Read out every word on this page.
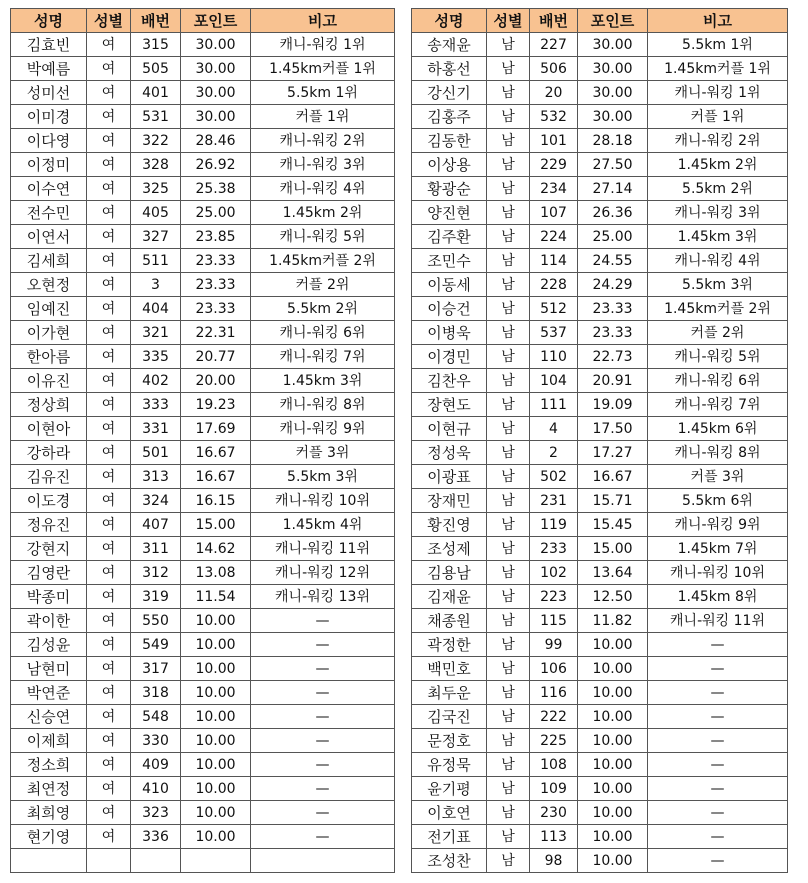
성명	성별	배번	포인트	비고
김효빈	여	315	30.00	캐니-워킹 1위
박예름	여	505	30.00	1.45km커플 1위
성미선	여	401	30.00	5.5km 1위
이미경	여	531	30.00	커플 1위
이다영	여	322	28.46	캐니-워킹 2위
이정미	여	328	26.92	캐니-워킹 3위
이수연	여	325	25.38	캐니-워킹 4위
전수민	여	405	25.00	1.45km 2위
이연서	여	327	23.85	캐니-워킹 5위
김세희	여	511	23.33	1.45km커플 2위
오현정	여	3	23.33	커플 2위
임예진	여	404	23.33	5.5km 2위
이가현	여	321	22.31	캐니-워킹 6위
한아름	여	335	20.77	캐니-워킹 7위
이유진	여	402	20.00	1.45km 3위
정상희	여	333	19.23	캐니-워킹 8위
이현아	여	331	17.69	캐니-워킹 9위
강하라	여	501	16.67	커플 3위
김유진	여	313	16.67	5.5km 3위
이도경	여	324	16.15	캐니-워킹 10위
정유진	여	407	15.00	1.45km 4위
강현지	여	311	14.62	캐니-워킹 11위
김영란	여	312	13.08	캐니-워킹 12위
박종미	여	319	11.54	캐니-워킹 13위
곽이한	여	550	10.00	—
김성윤	여	549	10.00	—
남현미	여	317	10.00	—
박연준	여	318	10.00	—
신승연	여	548	10.00	—
이제희	여	330	10.00	—
정소희	여	409	10.00	—
최연정	여	410	10.00	—
최희영	여	323	10.00	—
현기영	여	336	10.00	—

성명	성별	배번	포인트	비고
송재윤	남	227	30.00	5.5km 1위
하홍선	남	506	30.00	1.45km커플 1위
강신기	남	20	30.00	캐니-워킹 1위
김홍주	남	532	30.00	커플 1위
김동한	남	101	28.18	캐니-워킹 2위
이상용	남	229	27.50	1.45km 2위
황광순	남	234	27.14	5.5km 2위
양진현	남	107	26.36	캐니-워킹 3위
김주환	남	224	25.00	1.45km 3위
조민수	남	114	24.55	캐니-워킹 4위
이동세	남	228	24.29	5.5km 3위
이승건	남	512	23.33	1.45km커플 2위
이병욱	남	537	23.33	커플 2위
이경민	남	110	22.73	캐니-워킹 5위
김찬우	남	104	20.91	캐니-워킹 6위
장현도	남	111	19.09	캐니-워킹 7위
이현규	남	4	17.50	1.45km 6위
정성욱	남	2	17.27	캐니-워킹 8위
이광표	남	502	16.67	커플 3위
장재민	남	231	15.71	5.5km 6위
황진영	남	119	15.45	캐니-워킹 9위
조성제	남	233	15.00	1.45km 7위
김용남	남	102	13.64	캐니-워킹 10위
김재윤	남	223	12.50	1.45km 8위
채종원	남	115	11.82	캐니-워킹 11위
곽정한	남	99	10.00	—
백민호	남	106	10.00	—
최두운	남	116	10.00	—
김국진	남	222	10.00	—
문정호	남	225	10.00	—
유정묵	남	108	10.00	—
윤기평	남	109	10.00	—
이호연	남	230	10.00	—
전기표	남	113	10.00	—
조성찬	남	98	10.00	—
